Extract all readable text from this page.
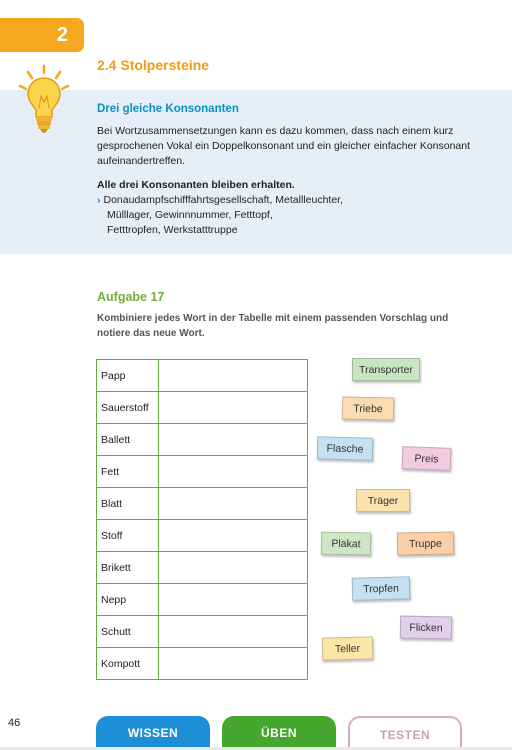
2
2.4 Stolpersteine
Drei gleiche Konsonanten
Bei Wortzusammensetzungen kann es dazu kommen, dass nach einem kurz gesprochenen Vokal ein Doppelkonsonant und ein gleicher einfacher Konsonant aufeinandertreffen.
Alle drei Konsonanten bleiben erhalten.
› Donaudampfschifffahrtsgesellschaft, Metallleuchter,
Mülllager, Gewinnnummer, Fetttopf,
Fetttropfen, Werkstatttruppe
Aufgabe 17
Kombiniere jedes Wort in der Tabelle mit einem passenden Vorschlag und notiere das neue Wort.
Papp	
Sauerstoff	
Ballett	
Fett	
Blatt	
Stoff	
Brikett	
Nepp	
Schutt	
Kompott	
Transporter
Triebe
Flasche
Preis
Träger
Plakat	Truppe
Tropfen
Flicken
Teller
46
WISSEN	ÜBEN	TESTEN
